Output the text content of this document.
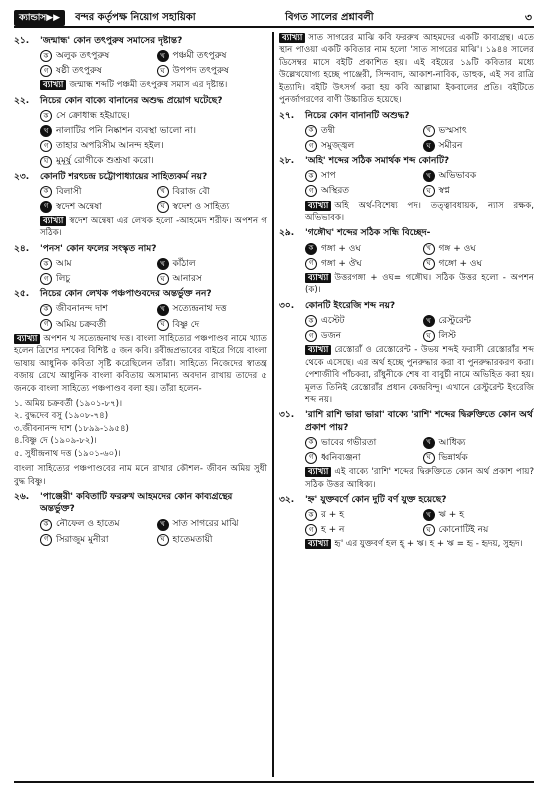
ক্যান্ডাস▶▶	বন্দর কর্তৃপক্ষ নিয়োগ সহায়িকা	বিগত সালের প্রশ্নাবলী	৩
২১.	'জন্মান্ধ' কোন তৎপুরুষ সমাসের দৃষ্টান্ত?
ক অলুক তৎপুরুষ	খ পঞ্চমী তৎপুরুষ
গ ষষ্ঠী তৎপুরুষ	ঘ উপপদ তৎপুরুষ
ব্যাখ্যা জন্মান্ধ শব্দটি পঞ্চমী তৎপুরুষ সমাস এর দৃষ্টান্ত।
২২.	নিচের কোন বাক্যে বানানের অশুদ্ধ প্রয়োগ ঘটেছে?
ক সে ক্রোধান্ধ হইয়াছে।
খ নালাটির পনি নিষ্কাশন ব্যবস্থা ভালো না।
গ তাহার অপরিসীম আনন্দ হইল।
ঘ মুমূর্ষু রোগীকে শুশ্রূষা করো।
২৩.	কোনটি শরৎচন্দ্র চট্টোপাধ্যায়ের সাহিত্যকর্ম নয়?
ক বিলাসী	খ বিরাজ বৌ
গ স্বদেশ অন্বেষা	ঘ স্বদেশ ও সাহিত্য
ব্যাখ্যা স্বদেশ অন্বেষা এর লেখক হলো -আহমেদ শরীফ। অপশন গ সঠিক।
২৪.	'পনস' কোন ফলের সংস্কৃত নাম?
ক আম	খ কাঁঠাল
গ লিচু	ঘ আনারস
২৫.	নিচের কোন লেখক পঞ্চপাণ্ডবদের অন্তর্ভুক্ত নন?
ক জীবনানন্দ দাশ	খ সত্যেন্দ্রনাথ দত্ত
গ অমিয় চক্রবর্তী	ঘ বিষ্ণু দে
ব্যাখ্যা অপশন খ সত্যেন্দ্রনাথ দত্ত। বাংলা সাহিত্যের পঞ্চপাণ্ডব নামে খ্যাত হলেন ত্রিশের দশকের বিশিষ্ট ৫ জন কবি। রবীন্দ্রপ্রভাবের বাইরে গিয়ে বাংলা ভাষায় আধুনিক কবিতা সৃষ্টি করেছিলেন তাঁরা। সাহিত্যে নিজেদের স্বাতন্ত্র বজায় রেখে আধুনিক বাংলা কবিতায় অসামান্য অবদান রাখায় তাদের ৫ জনকে বাংলা সাহিত্যে পঞ্চপাণ্ডব বলা হয়। তাঁরা হলেন-
১. অমিয় চক্রবর্তী (১৯০১-৮৭)।
২. বুদ্ধদেব বসু (১৯০৮-৭৪)
৩.জীবনানন্দ দাশ (১৮৯৯-১৯৫৪)
৪.বিষ্ণু দে (১৯০৯-৮২)।
৫. সুধীন্দ্রনাথ দত্ত (১৯০১-৬০)।
বাংলা সাহিত্যের পঞ্চপাণ্ডবের নাম মনে রাখার কৌশল- জীবন অমিয় সুধী বুদ্ধ বিষ্ণু।
২৬.	'পাঞ্জেরী' কবিতাটি ফররুখ আহমদের কোন কাব্যগ্রন্থের অন্তর্ভুক্ত?
ক নৌফেল ও হাতেম	খ সাত সাগরের মাঝি
গ সিরাজুম মুনীরা	ঘ হাতেমতায়ী
ব্যাখ্যা সাত সাগরের মাঝি কবি ফররুখ আহমদের একটি কাব্যগ্রন্থ। এতে স্থান পাওয়া একটি কবিতার নাম হলো 'সাত সাগরের মাঝি'। ১৯৪৪ সালের ডিসেম্বর মাসে বইটি প্রকাশিত হয়। এই বইয়ের ১৯টি কবিতার মধ্যে উল্লেখযোগ্য হচ্ছে পাঞ্জেরী, সিন্দবাদ, আকাশ-নাবিক, ডাহুক, এই সব রাত্রি ইত্যাদি। বইটি উৎসর্গ করা হয় কবি আল্লামা ইকবালের প্রতি। বইটিতে পুনর্জাগরণের বাণী উচ্চারিত হয়েছে।
২৭.	নিচের কোন বানানটি অশুদ্ধ?
ক তন্বী	খ ভস্মসাৎ
গ সমুজ্জ্বল	ঘ সমীরন
২৮.	'অহি' শব্দের সঠিক সমার্থক শব্দ কোনটি?
ক সাপ	খ অভিভাবক
গ অস্থিরত	ঘ স্বপ্ন
ব্যাখ্যা অহি অর্থ-বিশেষ্য পদ। তত্ত্বাবধায়ক, ন্যাস রক্ষক, অভিভাবক।
২৯.	'গঙ্গৌঘ' শব্দের সঠিক সন্ধি বিচ্ছেদ-
ক গঙ্গা + ওঘ	খ গঙ্গ + ওঘ
গ গঙ্গা + ঔঘ	ঘ গঙ্গো + ওঘ
ব্যাখ্যা উত্তরগঙ্গা + ওঘ= গঙ্গৌঘ। সঠিক উত্তর হলো - অপশন (ক)।
৩০.	কোনটি ইংরেজি শব্দ নয়?
ক এস্টেট	খ রেস্টুরেন্ট
গ ডজন	ঘ লিস্ট
ব্যাখ্যা রেস্তোরাঁ ও রেস্তোরেন্ট - উভয় শব্দই ফরাসী রেস্তোরাঁর শব্দ থেকে এসেছে। এর অর্থ হচ্ছে পুনরুদ্ধার করা বা পুনরুদ্ধারকরণ করা। পেশাজীবি পাঁচকরা, রাঁধুনীকে শেষ বা বাবুর্চী নামে অভিহিত করা হয়। মূলত তিনিই রেস্তোরাঁর প্রধান কেন্দ্রবিন্দু। এখানে রেস্টুরেন্ট ইংরেজি শব্দ নয়।
৩১.	'রাশি রাশি ভারা ভারা' বাক্যে 'রাশি' শব্দের দ্বিরুক্তিতে কোন অর্থ প্রকাশ পায়?
ক ভাবের গভীরতা	খ আধিক্য
গ ধ্বনিব্যঞ্জনা	ঘ ভিন্নার্থক
ব্যাখ্যা এই বাক্যে 'রাশি' শব্দের দ্বিরুক্তিতে কোন অর্থ প্রকাশ পায়? সঠিক উত্তর আধিক্য।
৩২.	'হ্ন' যুক্তবর্ণে কোন দুটি বর্ণ যুক্ত হয়েছে?
ক র + হ	খ ঋ + হ
গ হ + ন	ঘ কোনোটিই নয়
ব্যাখ্যা হৃ' এর যুক্তবর্ণ হল হ্ + ঋ। হ + ঋ = হৃ - হৃদয়, সুহৃদ।
